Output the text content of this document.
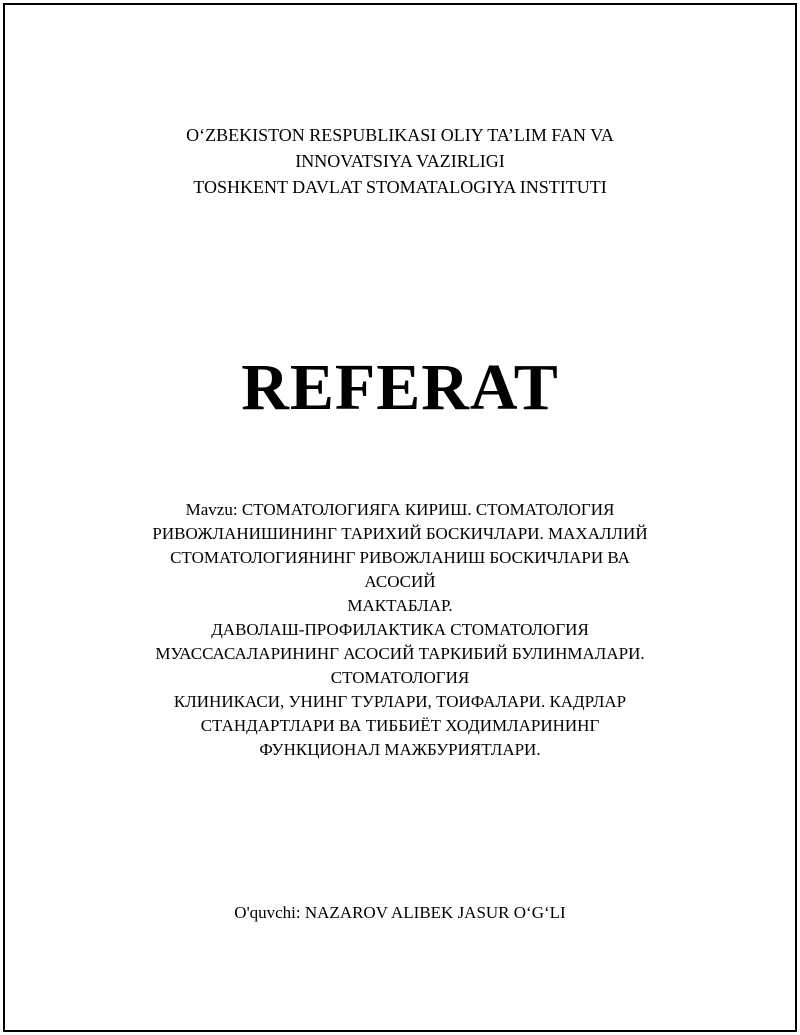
O‘ZBEKISTON RESPUBLIKASI OLIY TA’LIM FAN VA
INNOVATSIYA VAZIRLIGI
TOSHKENT DAVLAT STOMATALOGIYA INSTITUTI
REFERAT
Mavzu: СТОМАТОЛОГИЯГА КИРИШ. СТОМАТОЛОГИЯ
РИВОЖЛАНИШИНИНГ ТАРИХИЙ БОСКИЧЛАРИ. МАХАЛЛИЙ
СТОМАТОЛОГИЯНИНГ РИВОЖЛАНИШ БОСКИЧЛАРИ ВА
АСОСИЙ
МАКТАБЛАР.
ДАВОЛАШ-ПРОФИЛАКТИКА СТОМАТОЛОГИЯ
МУАССАСАЛАРИНИНГ АСОСИЙ ТАРКИБИЙ БУЛИНМАЛАРИ.
СТОМАТОЛОГИЯ
КЛИНИКАСИ, УНИНГ ТУРЛАРИ, ТОИФАЛАРИ. КАДРЛАР
СТАНДАРТЛАРИ ВА ТИББИЁТ ХОДИМЛАРИНИНГ
ФУНКЦИОНАЛ МАЖБУРИЯТЛАРИ.
O'quvchi: NAZAROV ALIBEK JASUR O‘G‘LI
